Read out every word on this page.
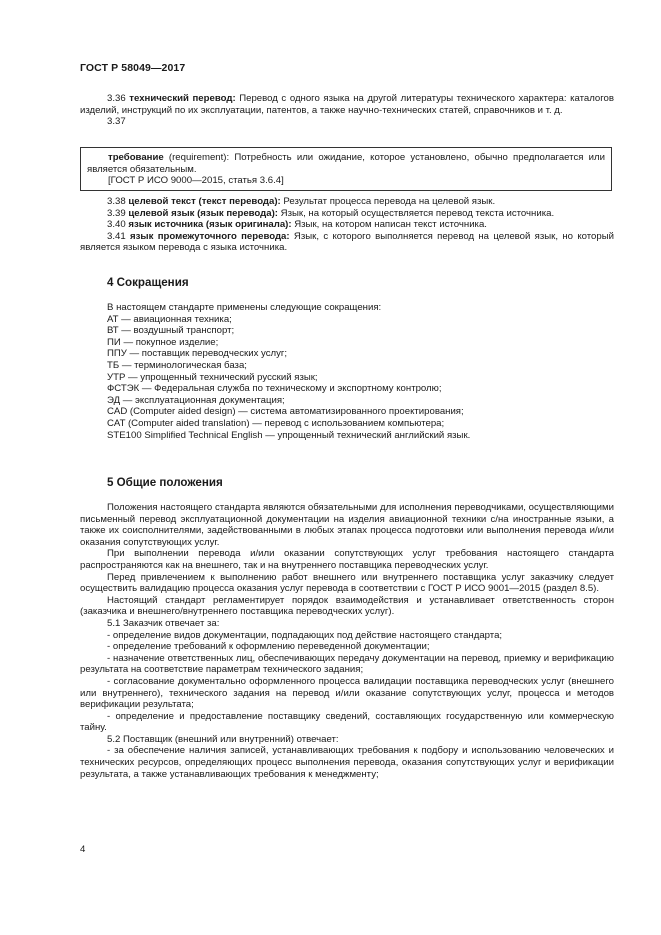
ГОСТ Р 58049—2017

3.36 технический перевод: Перевод с одного языка на другой литературы технического характера: каталогов изделий, инструкций по их эксплуатации, патентов, а также научно-технических статей, справочников и т. д.

3.37

требование (requirement): Потребность или ожидание, которое установлено, обычно предполагается или является обязательным.

[ГОСТ Р ИСО 9000—2015, статья 3.6.4]

3.38 целевой текст (текст перевода): Результат процесса перевода на целевой язык.

3.39 целевой язык (язык перевода): Язык, на который осуществляется перевод текста источника.

3.40 язык источника (язык оригинала): Язык, на котором написан текст источника.

3.41 язык промежуточного перевода: Язык, с которого выполняется перевод на целевой язык, но который является языком перевода с языка источника.

4 Сокращения

В настоящем стандарте применены следующие сокращения:

АТ — авиационная техника;

ВТ — воздушный транспорт;

ПИ — покупное изделие;

ППУ — поставщик переводческих услуг;

ТБ — терминологическая база;

УТР — упрощенный технический русский язык;

ФСТЭК — Федеральная служба по техническому и экспортному контролю;

ЭД — эксплуатационная документация;

CAD (Computer aided design) — система автоматизированного проектирования;

CAT (Computer aided translation) — перевод с использованием компьютера;

STE100 Simplified Technical English — упрощенный технический английский язык.

5 Общие положения

Положения настоящего стандарта являются обязательными для исполнения переводчиками, осуществляющими письменный перевод эксплуатационной документации на изделия авиационной техники с/на иностранные языки, а также их соисполнителями, задействованными в любых этапах процесса подготовки или выполнения перевода и/или оказания сопутствующих услуг.

При выполнении перевода и/или оказании сопутствующих услуг требования настоящего стандарта распространяются как на внешнего, так и на внутреннего поставщика переводческих услуг.

Перед привлечением к выполнению работ внешнего или внутреннего поставщика услуг заказчику следует осуществить валидацию процесса оказания услуг перевода в соответствии с ГОСТ Р ИСО 9001—2015 (раздел 8.5).

Настоящий стандарт регламентирует порядок взаимодействия и устанавливает ответственность сторон (заказчика и внешнего/внутреннего поставщика переводческих услуг).

5.1 Заказчик отвечает за:

- определение видов документации, подпадающих под действие настоящего стандарта;

- определение требований к оформлению переведенной документации;

- назначение ответственных лиц, обеспечивающих передачу документации на перевод, приемку и верификацию результата на соответствие параметрам технического задания;

- согласование документально оформленного процесса валидации поставщика переводческих услуг (внешнего или внутреннего), технического задания на перевод и/или оказание сопутствующих услуг, процесса и методов верификации результата;

- определение и предоставление поставщику сведений, составляющих государственную или коммерческую тайну.

5.2 Поставщик (внешний или внутренний) отвечает:

- за обеспечение наличия записей, устанавливающих требования к подбору и использованию человеческих и технических ресурсов, определяющих процесс выполнения перевода, оказания сопутствующих услуг и верификации результата, а также устанавливающих требования к менеджменту;

4
